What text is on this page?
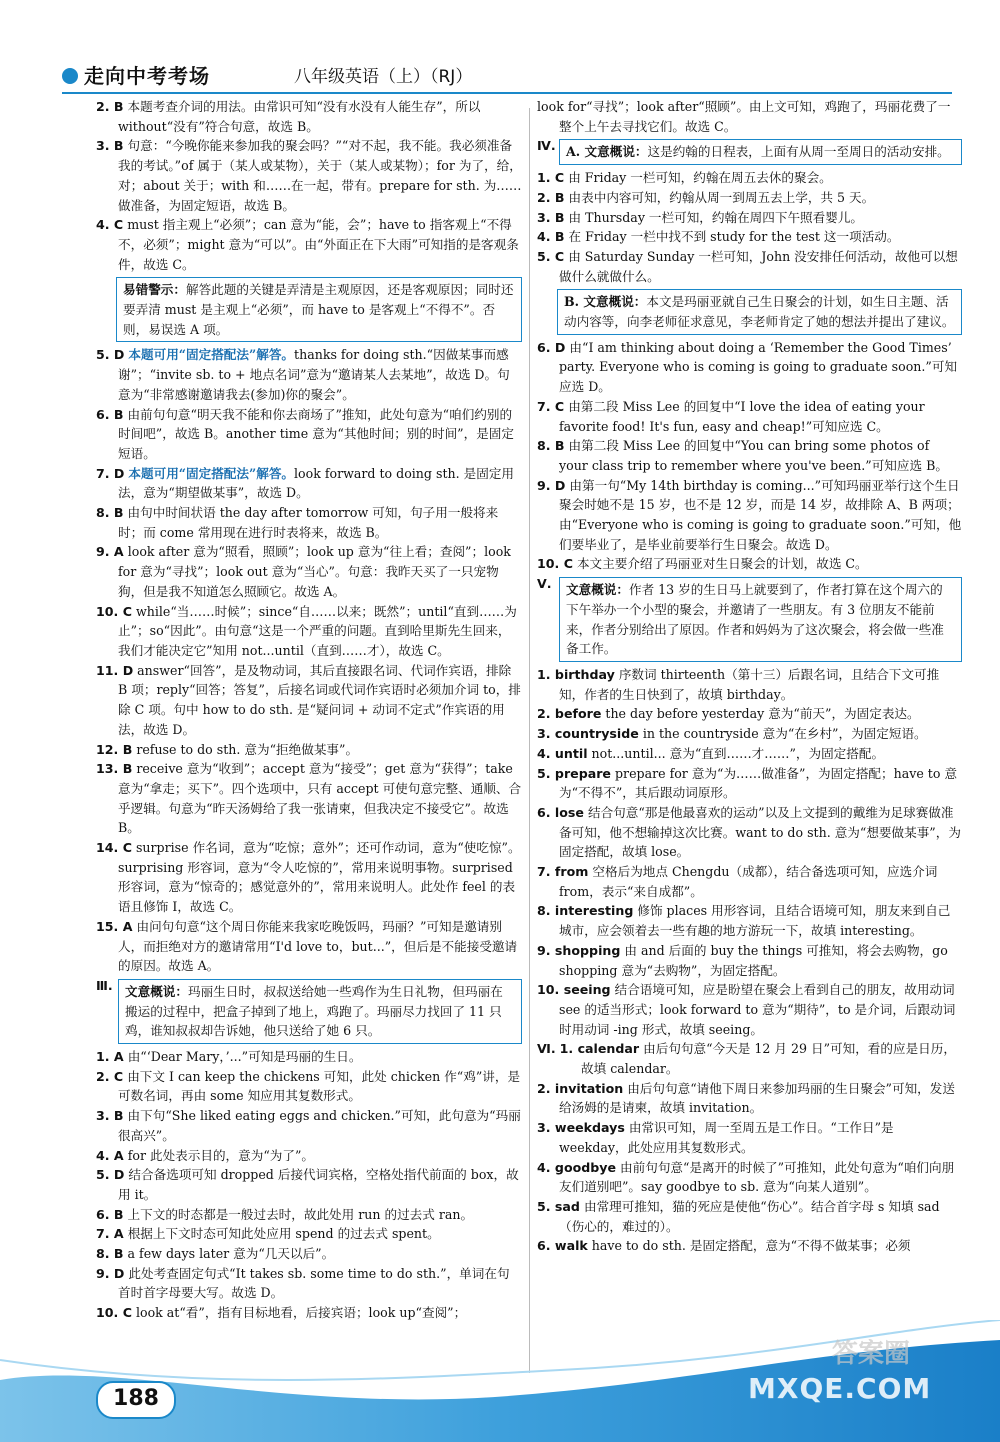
走向中考考场	八年级英语（上）（RJ）

2. B 本题考查介词的用法。由常识可知“没有水没有人能生存”，所以 without“没有”符合句意，故选 B。

3. B 句意：“今晚你能来参加我的聚会吗？”“对不起，我不能。我必须准备我的考试。”of 属于（某人或某物），关于（某人或某物）；for 为了，给，对；about 关于；with 和……在一起，带有。prepare for sth. 为……做准备，为固定短语，故选 B。

4. C must 指主观上“必须”；can 意为“能，会”；have to 指客观上“不得不，必须”；might 意为“可以”。由“外面正在下大雨”可知指的是客观条件，故选 C。

易错警示：解答此题的关键是弄清是主观原因，还是客观原因；同时还要弄清 must 是主观上“必须”，而 have to 是客观上“不得不”。否则，易误选 A 项。

5. D 本题可用“固定搭配法”解答。thanks for doing sth.“因做某事而感谢”；“invite sb. to + 地点名词”意为“邀请某人去某地”，故选 D。句意为“非常感谢邀请我去(参加)你的聚会”。

6. B 由前句句意“明天我不能和你去商场了”推知，此处句意为“咱们约别的时间吧”，故选 B。another time 意为“其他时间；别的时间”，是固定短语。

7. D 本题可用“固定搭配法”解答。look forward to doing sth. 是固定用法，意为“期望做某事”，故选 D。

8. B 由句中时间状语 the day after tomorrow 可知，句子用一般将来时；而 come 常用现在进行时表将来，故选 B。

9. A look after 意为“照看，照顾”；look up 意为“往上看；查阅”；look for 意为“寻找”；look out 意为“当心”。句意：我昨天买了一只宠物狗，但是我不知道怎么照顾它。故选 A。

10. C while“当……时候”；since“自……以来；既然”；until“直到……为止”；so“因此”。由句意“这是一个严重的问题。直到哈里斯先生回来，我们才能决定它”知用 not...until（直到……才），故选 C。

11. D answer“回答”，是及物动词，其后直接跟名词、代词作宾语，排除 B 项；reply“回答；答复”，后接名词或代词作宾语时必须加介词 to，排除 C 项。句中 how to do sth. 是“疑问词 + 动词不定式”作宾语的用法，故选 D。

12. B refuse to do sth. 意为“拒绝做某事”。

13. B receive 意为“收到”；accept 意为“接受”；get 意为“获得”；take 意为“拿走；买下”。四个选项中，只有 accept 可使句意完整、通顺、合乎逻辑。句意为“昨天汤姆给了我一张请柬，但我决定不接受它”。故选 B。

14. C surprise 作名词，意为“吃惊；意外”；还可作动词，意为“使吃惊”。surprising 形容词，意为“令人吃惊的”，常用来说明事物。surprised 形容词，意为“惊奇的；感觉意外的”，常用来说明人。此处作 feel 的表语且修饰 I，故选 C。

15. A 由问句句意“这个周日你能来我家吃晚饭吗，玛丽？”可知是邀请别人，而拒绝对方的邀请常用“I'd love to，but...”，但后是不能接受邀请的原因。故选 A。

Ⅲ. 文意概说：玛丽生日时，叔叔送给她一些鸡作为生日礼物，但玛丽在搬运的过程中，把盒子掉到了地上，鸡跑了。玛丽尽力找回了 11 只鸡，谁知叔叔却告诉她，他只送给了她 6 只。

1. A 由“‘Dear Mary，’...”可知是玛丽的生日。

2. C 由下文 I can keep the chickens 可知，此处 chicken 作“鸡”讲，是可数名词，再由 some 知应用其复数形式。

3. B 由下句“She liked eating eggs and chicken.”可知，此句意为“玛丽很高兴”。

4. A for 此处表示目的，意为“为了”。

5. D 结合备选项可知 dropped 后接代词宾格，空格处指代前面的 box，故用 it。

6. B 上下文的时态都是一般过去时，故此处用 run 的过去式 ran。

7. A 根据上下文时态可知此处应用 spend 的过去式 spent。

8. B a few days later 意为“几天以后”。

9. D 此处考查固定句式“It takes sb. some time to do sth.”，单词在句首时首字母要大写。故选 D。

10. C look at“看”，指有目标地看，后接宾语；look up“查阅”；

look for“寻找”；look after“照顾”。由上文可知，鸡跑了，玛丽花费了一整个上午去寻找它们。故选 C。

Ⅳ. A. 文意概说：这是约翰的日程表，上面有从周一至周日的活动安排。

1. C 由 Friday 一栏可知，约翰在周五去休的聚会。

2. B 由表中内容可知，约翰从周一到周五去上学，共 5 天。

3. B 由 Thursday 一栏可知，约翰在周四下午照看婴儿。

4. B 在 Friday 一栏中找不到 study for the test 这一项活动。

5. C 由 Saturday Sunday 一栏可知，John 没安排任何活动，故他可以想做什么就做什么。

B. 文意概说：本文是玛丽亚就自己生日聚会的计划，如生日主题、活动内容等，向李老师征求意见，李老师肯定了她的想法并提出了建议。

6. D 由“I am thinking about doing a ‘Remember the Good Times’ party. Everyone who is coming is going to graduate soon.”可知应选 D。

7. C 由第二段 Miss Lee 的回复中“I love the idea of eating your favorite food! It's fun, easy and cheap!”可知应选 C。

8. B 由第二段 Miss Lee 的回复中“You can bring some photos of your class trip to remember where you've been.”可知应选 B。

9. D 由第一句“My 14th birthday is coming...”可知玛丽亚举行这个生日聚会时她不是 15 岁，也不是 12 岁，而是 14 岁，故排除 A、B 两项；由“Everyone who is coming is going to graduate soon.”可知，他们要毕业了，是毕业前要举行生日聚会。故选 D。

10. C 本文主要介绍了玛丽亚对生日聚会的计划，故选 C。

Ⅴ.	文意概说：作者 13 岁的生日马上就要到了，作者打算在这个周六的下午举办一个小型的聚会，并邀请了一些朋友。有 3 位朋友不能前来，作者分别给出了原因。作者和妈妈为了这次聚会，将会做一些准备工作。

1. birthday 序数词 thirteenth（第十三）后跟名词，且结合下文可推知，作者的生日快到了，故填 birthday。

2. before the day before yesterday 意为“前天”，为固定表达。

3. countryside in the countryside 意为“在乡村”，为固定短语。

4. until not...until... 意为“直到……才……”，为固定搭配。

5. prepare prepare for 意为“为……做准备”，为固定搭配；have to 意为“不得不”，其后跟动词原形。

6. lose 结合句意“那是他最喜欢的运动”以及上文提到的戴维为足球赛做准备可知，他不想输掉这次比赛。want to do sth. 意为“想要做某事”，为固定搭配，故填 lose。

7. from 空格后为地点 Chengdu（成都），结合备选项可知，应选介词 from，表示“来自成都”。

8. interesting 修饰 places 用形容词，且结合语境可知，朋友来到自己城市，应会领着去一些有趣的地方游玩一下，故填 interesting。

9. shopping 由 and 后面的 buy the things 可推知，将会去购物，go shopping 意为“去购物”，为固定搭配。

10. seeing 结合语境可知，应是盼望在聚会上看到自己的朋友，故用动词 see 的适当形式；look forward to 意为“期待”，to 是介词，后跟动词时用动词 -ing 形式，故填 seeing。

Ⅵ. 1. calendar 由后句句意“今天是 12 月 29 日”可知，看的应是日历，故填 calendar。

2. invitation 由后句句意“请他下周日来参加玛丽的生日聚会”可知，发送给汤姆的是请柬，故填 invitation。

3. weekdays 由常识可知，周一至周五是工作日。“工作日”是 weekday，此处应用其复数形式。

4. goodbye 由前句句意“是离开的时候了”可推知，此处句意为“咱们向朋友们道别吧”。say goodbye to sb. 意为“向某人道别”。

5. sad 由常理可推知，猫的死应是使他“伤心”。结合首字母 s 知填 sad（伤心的，难过的）。

6. walk have to do sth. 是固定搭配，意为“不得不做某事；必须

188
答案圈
MXQE.COM
